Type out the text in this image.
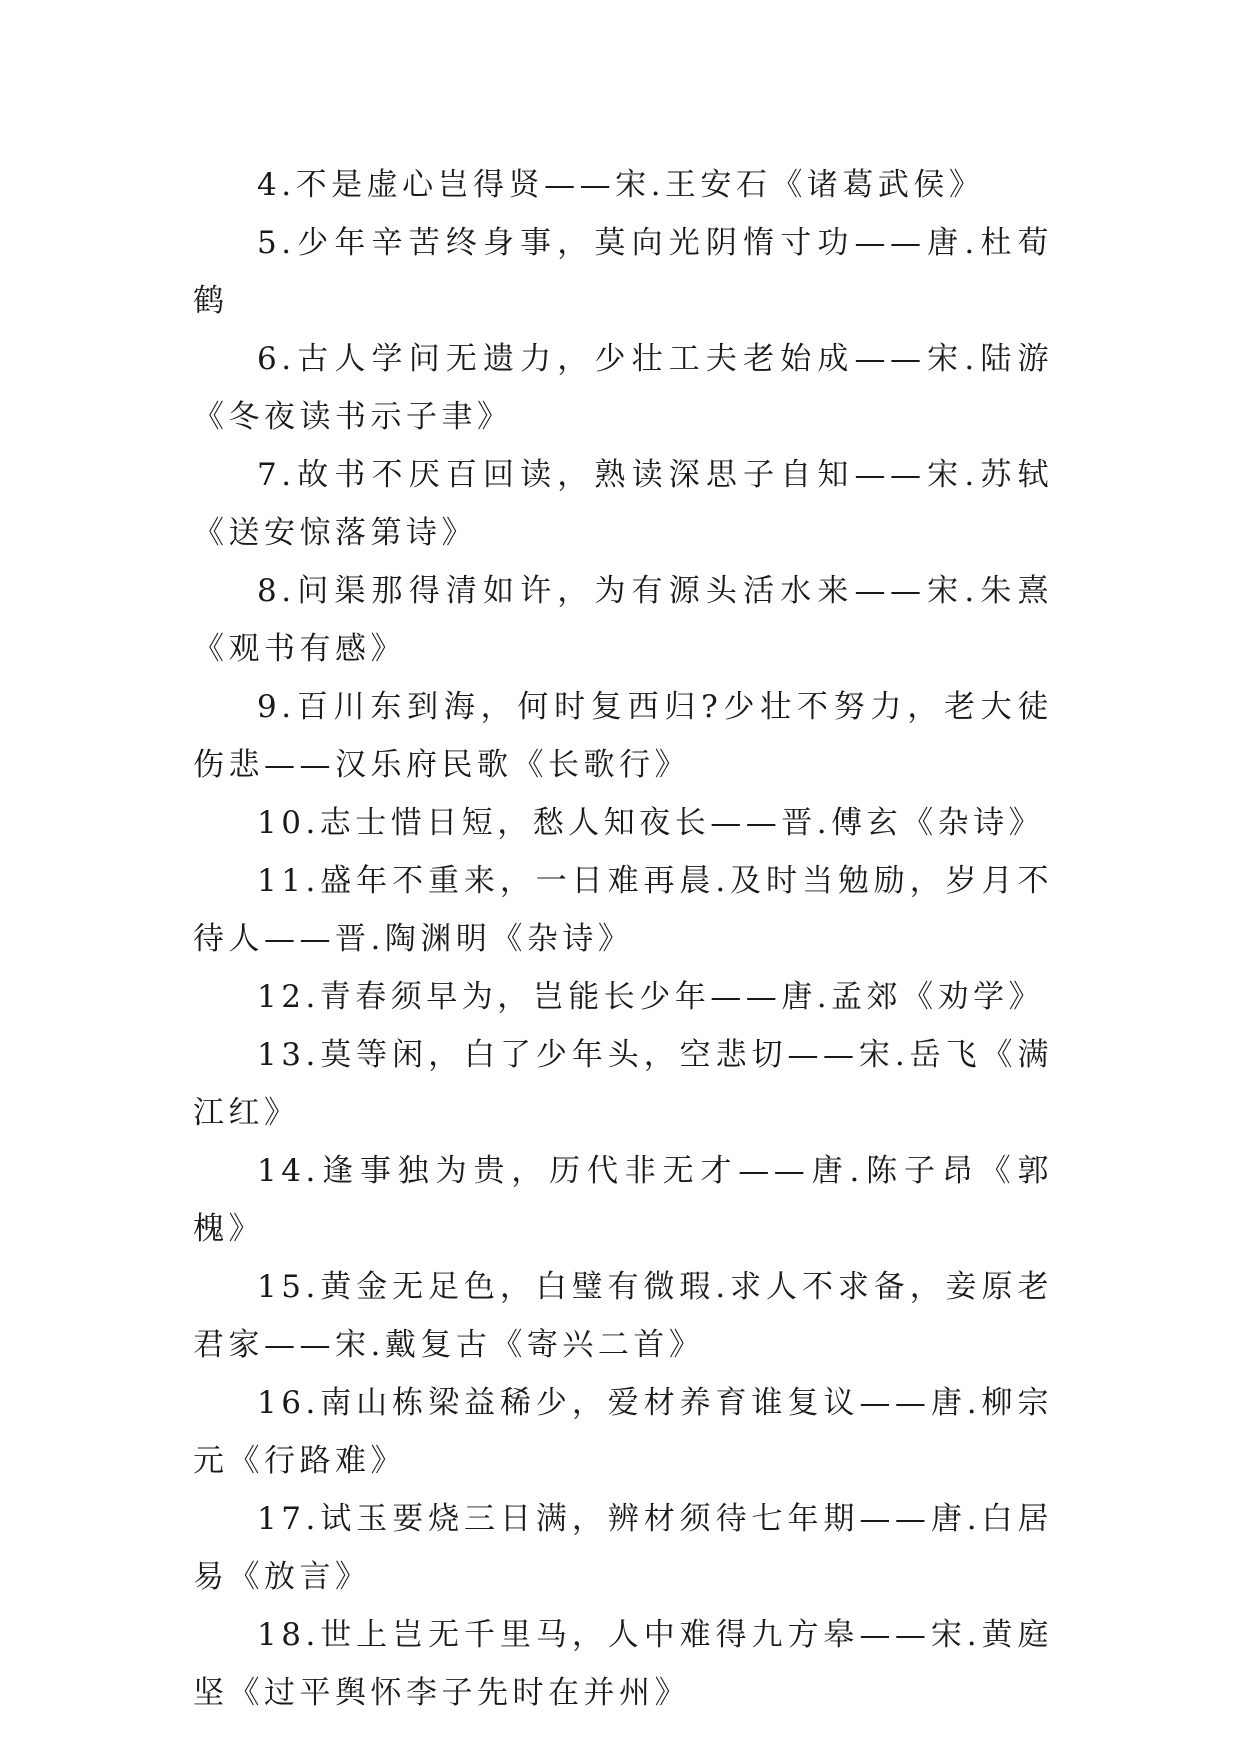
4.不是虚心岂得贤——宋.王安石《诸葛武侯》

5.少年辛苦终身事，莫向光阴惰寸功——唐.杜荀鹤

6.古人学问无遗力，少壮工夫老始成——宋.陆游《冬夜读书示子聿》

7.故书不厌百回读，熟读深思子自知——宋.苏轼《送安惊落第诗》

8.问渠那得清如许，为有源头活水来——宋.朱熹《观书有感》

9.百川东到海，何时复西归?少壮不努力，老大徒伤悲——汉乐府民歌《长歌行》

10.志士惜日短，愁人知夜长——晋.傅玄《杂诗》

11.盛年不重来，一日难再晨.及时当勉励，岁月不待人——晋.陶渊明《杂诗》

12.青春须早为，岂能长少年——唐.孟郊《劝学》

13.莫等闲，白了少年头，空悲切——宋.岳飞《满江红》

14.逢事独为贵，历代非无才——唐.陈子昂《郭槐》

15.黄金无足色，白璧有微瑕.求人不求备，妾原老君家——宋.戴复古《寄兴二首》

16.南山栋梁益稀少，爱材养育谁复议——唐.柳宗元《行路难》

17.试玉要烧三日满，辨材须待七年期——唐.白居易《放言》

18.世上岂无千里马，人中难得九方皋——宋.黄庭坚《过平舆怀李子先时在并州》
